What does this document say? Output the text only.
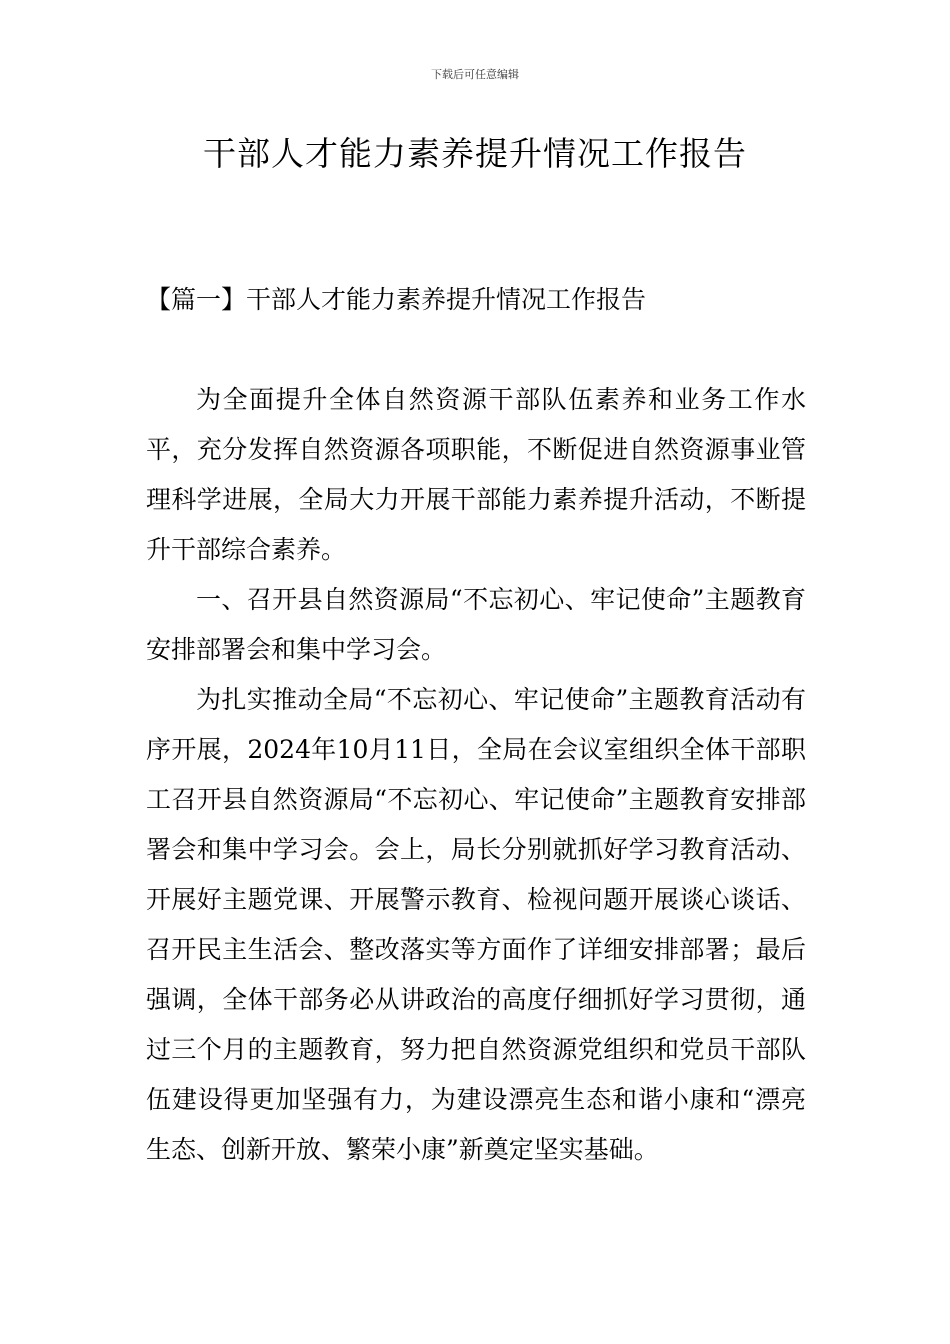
下载后可任意编辑
干部人才能力素养提升情况工作报告
【篇一】干部人才能力素养提升情况工作报告

为全面提升全体自然资源干部队伍素养和业务工作水平，充分发挥自然资源各项职能，不断促进自然资源事业管理科学进展，全局大力开展干部能力素养提升活动，不断提升干部综合素养。

一、召开县自然资源局“不忘初心、牢记使命”主题教育安排部署会和集中学习会。

为扎实推动全局“不忘初心、牢记使命”主题教育活动有序开展，2024年10月11日，全局在会议室组织全体干部职工召开县自然资源局“不忘初心、牢记使命”主题教育安排部署会和集中学习会。会上，局长分别就抓好学习教育活动、开展好主题党课、开展警示教育、检视问题开展谈心谈话、召开民主生活会、整改落实等方面作了详细安排部署；最后强调，全体干部务必从讲政治的高度仔细抓好学习贯彻，通过三个月的主题教育，努力把自然资源党组织和党员干部队伍建设得更加坚强有力，为建设漂亮生态和谐小康和“漂亮生态、创新开放、繁荣小康”新奠定坚实基础。
